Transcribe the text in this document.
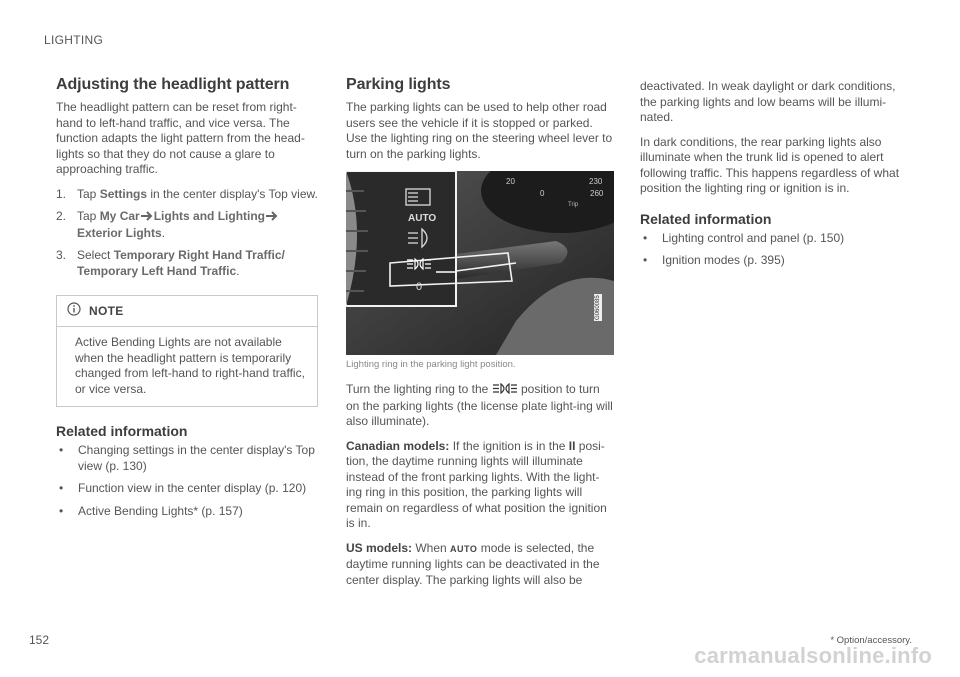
LIGHTING
Adjusting the headlight pattern

The headlight pattern can be reset from right-hand to left-hand traffic, and vice versa. The function adapts the light pattern from the head-lights so that they do not cause a glare to approaching traffic.

1. Tap Settings in the center display's Top view.
2. Tap My Car Lights and LightingExterior Lights.
3. Select Temporary Right Hand Traffic/ Temporary Left Hand Traffic.
NOTE

Active Bending Lights are not available when the headlight pattern is temporarily changed from left-hand to right-hand traffic, or vice versa.

Related information
• Changing settings in the center display's Top view (p. 130)
• Function view in the center display (p. 120)
• Active Bending Lights* (p. 157)
Parking lights

The parking lights can be used to help other road users see the vehicle if it is stopped or parked. Use the lighting ring on the steering wheel lever to turn on the parking lights.

AUTO
0
20	230
0	260
Trip
G060085
Lighting ring in the parking light position.

Turn the lighting ring to the	position to turn on the parking lights (the license plate light-ing will also illuminate).

Canadian models: If the ignition is in the II posi-tion, the daytime running lights will illuminate instead of the front parking lights. With the light-ing ring in this position, the parking lights will remain on regardless of what position the ignition is in.

US models: When AUTO mode is selected, the daytime running lights can be deactivated in the center display. The parking lights will also be

deactivated. In weak daylight or dark conditions, the parking lights and low beams will be illumi-nated.

In dark conditions, the rear parking lights also illuminate when the trunk lid is opened to alert following traffic. This happens regardless of what position the lighting ring or ignition is in.

Related information
• Lighting control and panel (p. 150)
• Ignition modes (p. 395)
152	* Option/accessory.
carmanualsonline.info
